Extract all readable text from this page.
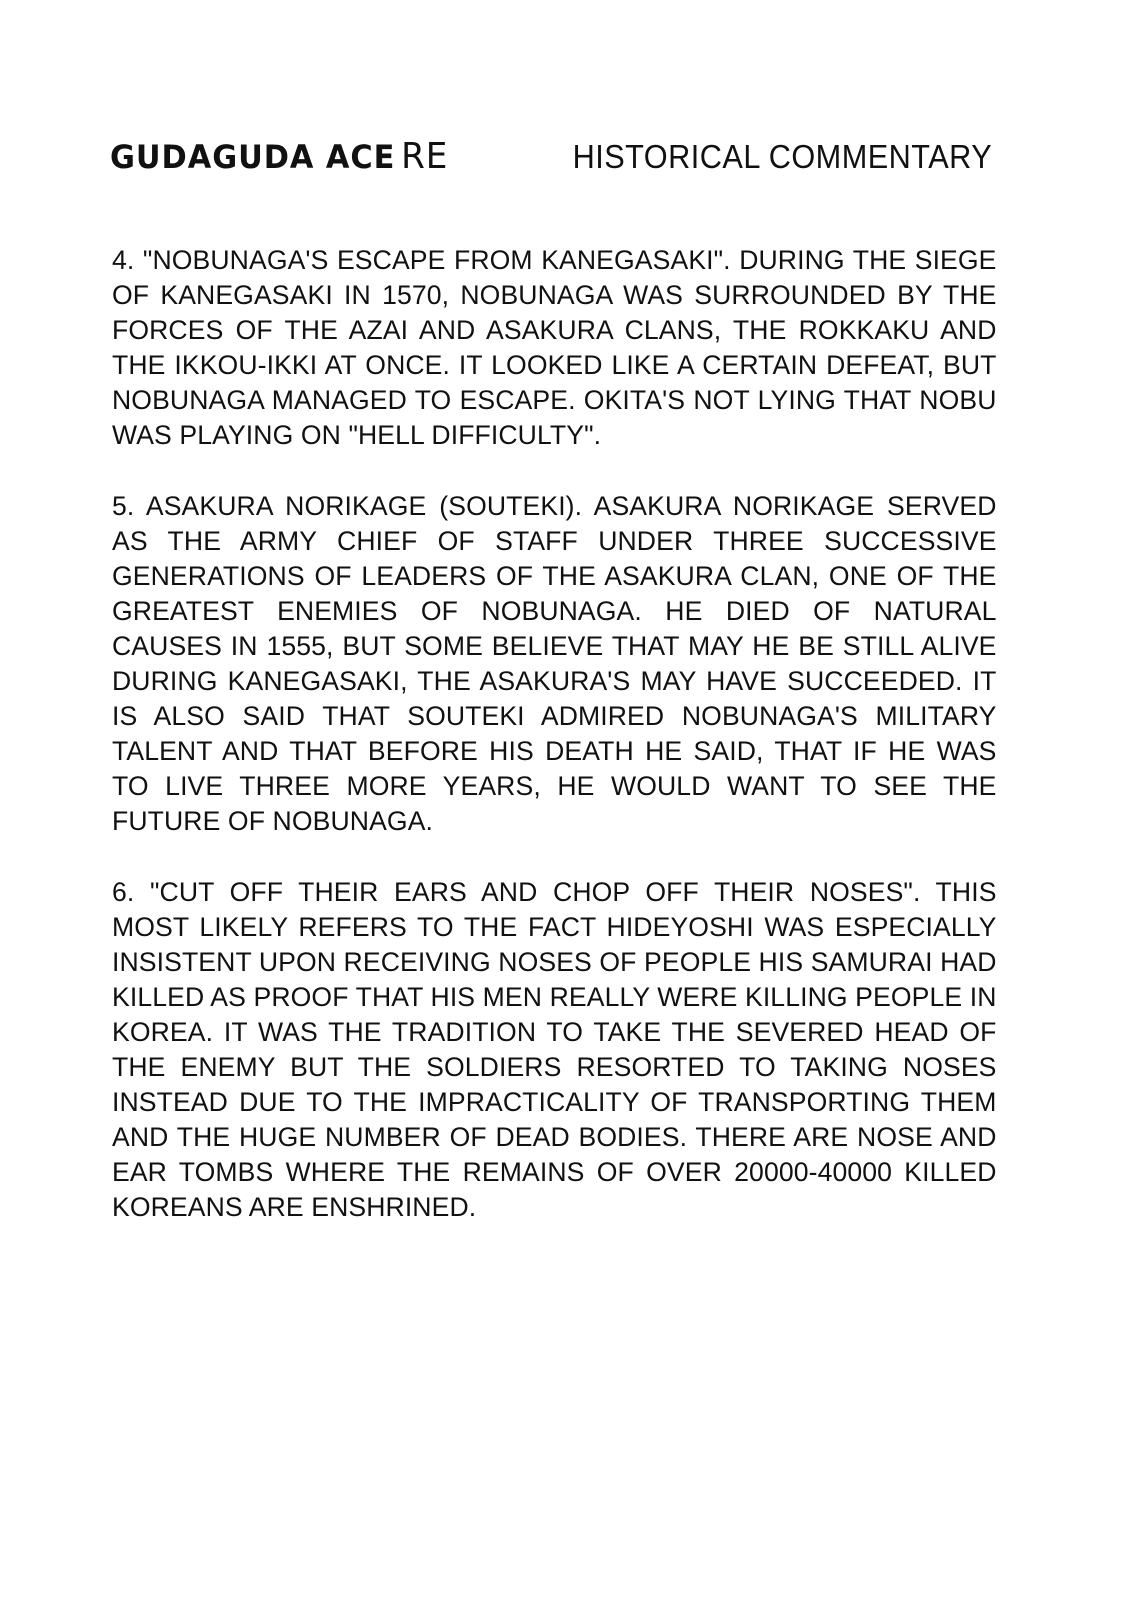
GUDAGUDA ACE RE	HISTORICAL COMMENTARY

4. "NOBUNAGA'S ESCAPE FROM KANEGASAKI". DURING THE SIEGE OF KANEGASAKI IN 1570, NOBUNAGA WAS SURROUNDED BY THE FORCES OF THE AZAI AND ASAKURA CLANS, THE ROKKAKU AND THE IKKOU-IKKI AT ONCE. IT LOOKED LIKE A CERTAIN DEFEAT, BUT NOBUNAGA MANAGED TO ESCAPE. OKITA'S NOT LYING THAT NOBU WAS PLAYING ON "HELL DIFFICULTY".

5. ASAKURA NORIKAGE (SOUTEKI). ASAKURA NORIKAGE SERVED AS THE ARMY CHIEF OF STAFF UNDER THREE SUCCESSIVE GENERATIONS OF LEADERS OF THE ASAKURA CLAN, ONE OF THE GREATEST ENEMIES OF NOBUNAGA. HE DIED OF NATURAL CAUSES IN 1555, BUT SOME BELIEVE THAT MAY HE BE STILL ALIVE DURING KANEGASAKI, THE ASAKURA'S MAY HAVE SUCCEEDED. IT IS ALSO SAID THAT SOUTEKI ADMIRED NOBUNAGA'S MILITARY TALENT AND THAT BEFORE HIS DEATH HE SAID, THAT IF HE WAS TO LIVE THREE MORE YEARS, HE WOULD WANT TO SEE THE FUTURE OF NOBUNAGA.

6. "CUT OFF THEIR EARS AND CHOP OFF THEIR NOSES". THIS MOST LIKELY REFERS TO THE FACT HIDEYOSHI WAS ESPECIALLY INSISTENT UPON RECEIVING NOSES OF PEOPLE HIS SAMURAI HAD KILLED AS PROOF THAT HIS MEN REALLY WERE KILLING PEOPLE IN KOREA. IT WAS THE TRADITION TO TAKE THE SEVERED HEAD OF THE ENEMY BUT THE SOLDIERS RESORTED TO TAKING NOSES INSTEAD DUE TO THE IMPRACTICALITY OF TRANSPORTING THEM AND THE HUGE NUMBER OF DEAD BODIES. THERE ARE NOSE AND EAR TOMBS WHERE THE REMAINS OF OVER 20000-40000 KILLED KOREANS ARE ENSHRINED.
